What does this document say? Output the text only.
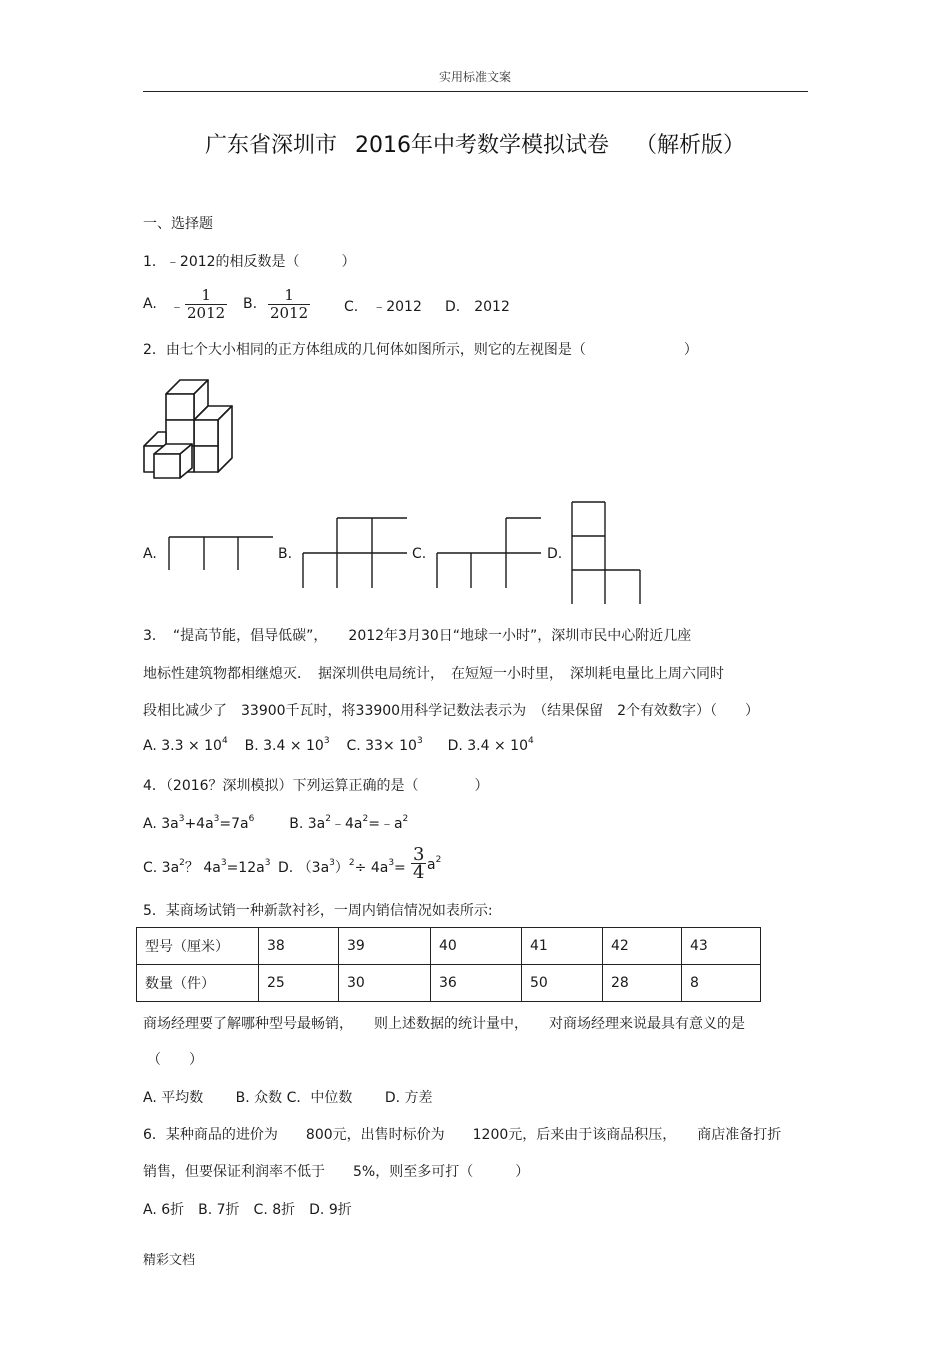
实用标准文案
广东省深圳市 2016年中考数学模拟试卷 （解析版）
一、选择题
1．﹣2012的相反数是（　　　）
A. ﹣ $\frac{1}{2012} B$. $\frac{1}{2012} C$.　﹣2012 D.　2012
2．由七个大小相同的正方体组成的几何体如图所示，则它的左视图是（　　　　　　　）
A.	B.	C.	D.
3．　“提高节能，倡导低碳”，　　2012年3月30日“地球一小时”，深圳市民中心附近几座
地标性建筑物都相继熄灭．　据深圳供电局统计，　在短短一小时里，　深圳耗电量比上周六同时
段相比减少了　33900千瓦时，将33900用科学记数法表示为　（结果保留　2个有效数字）（　　）
A. $3.3 \times 10^4$ B. $3.4 \times 10^3$ C. $33\times 10^3$ D. $3.4 \times 10^4$
4．（2016？深圳模拟）下列运算正确的是（　　　　）
A. $3a^3+4a^3=7a^6$ B. $3a^2﹣4a^2=﹣a^2$
C. $3a^2$？ $4a^3=12a^3$ D. $(3a^3)^2\div 4a^3= \frac{3}{4} a^2$
5．某商场试销一种新款衬衫，一周内销信情况如表所示:
型号（厘米）	38	39	40	41	42	43
数量（件）	25	30	36	50	28	8
商场经理要了解哪种型号最畅销，　　则上述数据的统计量中，　　对商场经理来说最具有意义的是
（　　）
A. 平均数　　 B. 众数 C．中位数　　 D. 方差
6．某种商品的进价为　　800元，出售时标价为　　1200元，后来由于该商品积压，　　商店准备打折
销售，但要保证利润率不低于　　5%，则至多可打（　　　）
A. 6折　B. 7折　C. 8折　D. 9折
精彩文档
